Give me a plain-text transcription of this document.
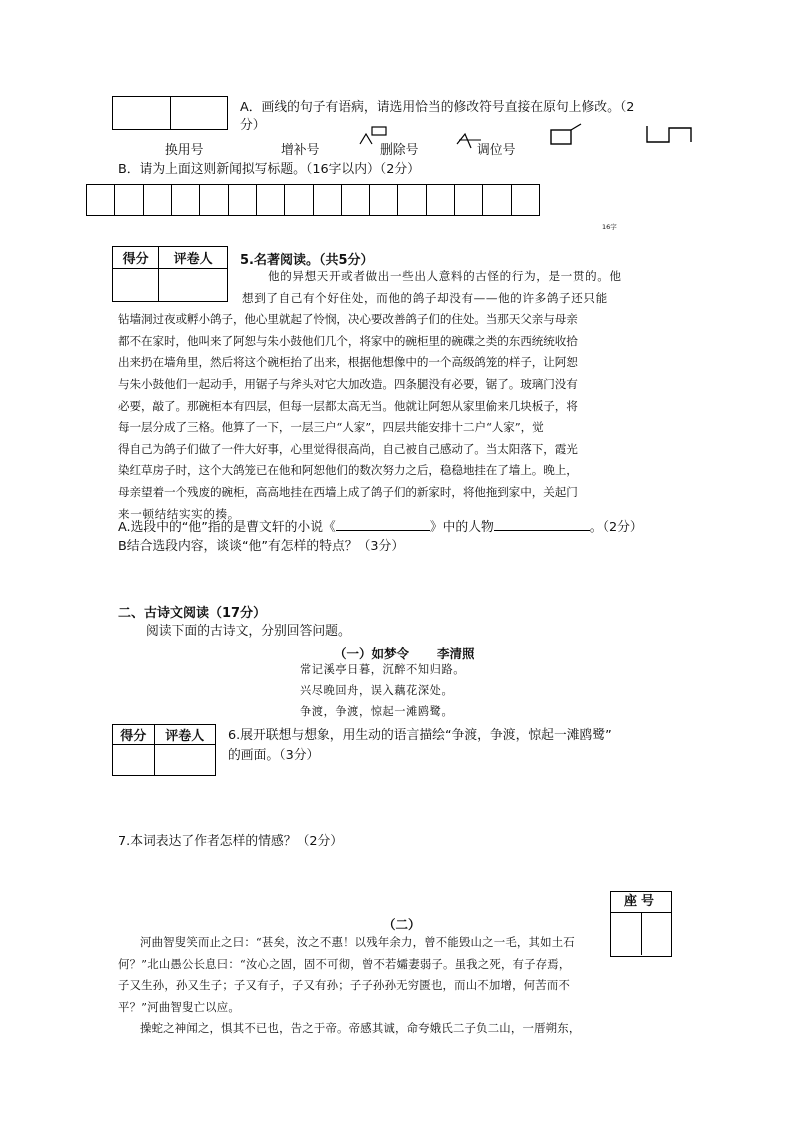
A．画线的句子有语病，请选用恰当的修改符号直接在原句上修改。（2
分）
换用号	增补号	删除号	调位号
B．请为上面这则新闻拟写标题。（16字以内）（2分）
16字
得分	评卷人
	5.名著阅读。（共5分）
他的异想天开或者做出一些出人意料的古怪的行为，是一贯的。他
想到了自己有个好住处，而他的鸽子却没有——他的许多鸽子还只能
钻墙洞过夜或孵小鸽子，他心里就起了怜悯，决心要改善鸽子们的住处。当那天父亲与母亲
都不在家时，他叫来了阿恕与朱小鼓他们几个，将家中的碗柜里的碗碟之类的东西统统收拾
出来扔在墙角里，然后将这个碗柜抬了出来，根据他想像中的一个高级鸽笼的样子，让阿恕
与朱小鼓他们一起动手，用锯子与斧头对它大加改造。四条腿没有必要，锯了。玻璃门没有
必要，敲了。那碗柜本有四层，但每一层都太高无当。他就让阿恕从家里偷来几块板子，将
每一层分成了三格。他算了一下，一层三户“人家”，四层共能安排十二户“人家”，觉
得自己为鸽子们做了一件大好事，心里觉得很高尚，自己被自己感动了。当太阳落下，霞光
染红草房子时，这个大鸽笼已在他和阿恕他们的数次努力之后，稳稳地挂在了墙上。晚上，
母亲望着一个残废的碗柜，高高地挂在西墙上成了鸽子们的新家时，将他拖到家中，关起门
来一顿结结实实的揍。
A.选段中的“他”指的是曹文轩的小说《	》中的人物	。（2分）
B结合选段内容，谈谈“他”有怎样的特点？（3分）
二、古诗文阅读（17分）
阅读下面的古诗文，分别回答问题。
（一）如梦令 李清照
常记溪亭日暮，沉醉不知归路。
兴尽晚回舟，误入藕花深处。
争渡，争渡，惊起一滩鸥鹭。
得分	评卷人
	6.展开联想与想象，用生动的语言描绘“争渡，争渡，惊起一滩鸥鹭”
的画面。（3分）
7.本词表达了作者怎样的情感？（2分）
座号
（二）
河曲智叟笑而止之曰：“甚矣，汝之不惠！以残年余力，曾不能毁山之一毛，其如土石
何？”北山愚公长息曰：“汝心之固，固不可彻，曾不若孀妻弱子。虽我之死，有子存焉，
子又生孙，孙又生子；子又有子，子又有孙；子子孙孙无穷匮也，而山不加增，何苦而不
平？”河曲智叟亡以应。
操蛇之神闻之，惧其不已也，告之于帝。帝感其诚，命夸娥氏二子负二山，一厝朔东，
